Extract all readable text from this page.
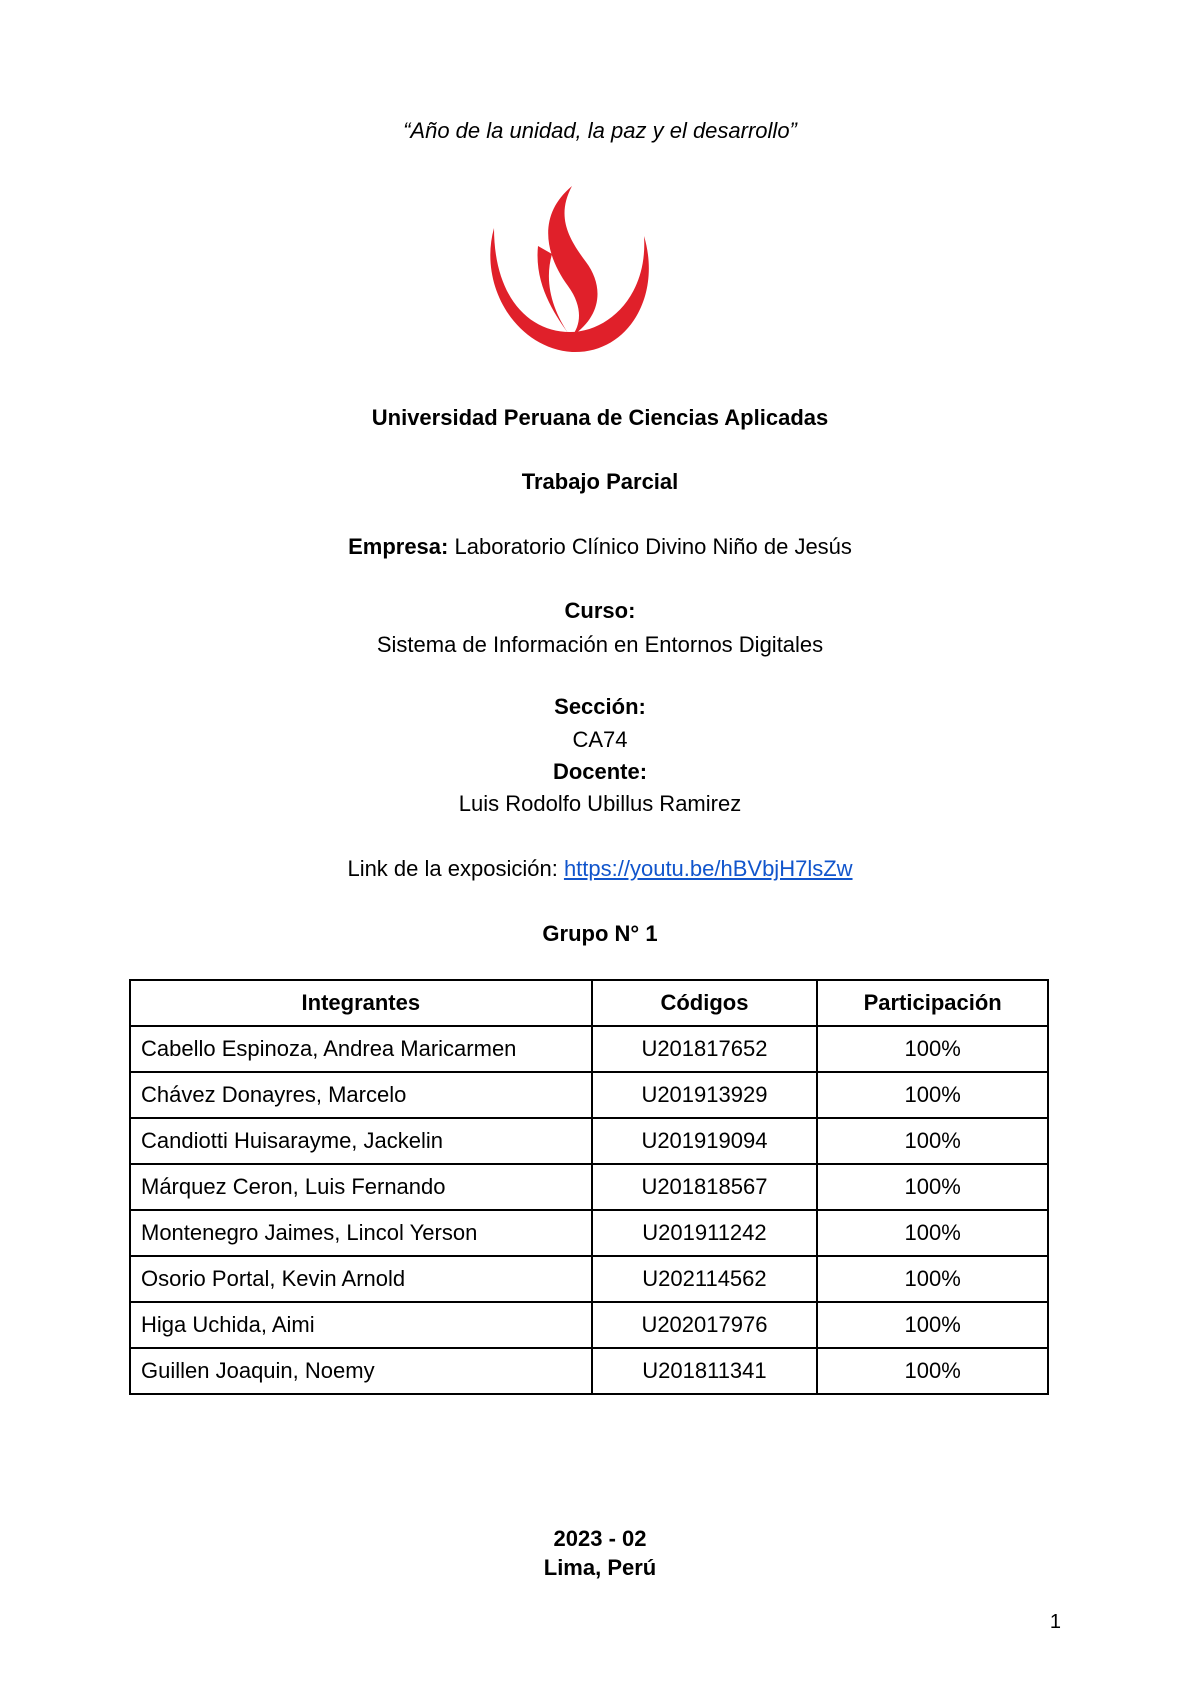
“Año de la unidad, la paz y el desarrollo”
Universidad Peruana de Ciencias Aplicadas
Trabajo Parcial
Empresa: Laboratorio Clínico Divino Niño de Jesús
Curso:
Sistema de Información en Entornos Digitales
Sección:
CA74
Docente:
Luis Rodolfo Ubillus Ramirez
Link de la exposición: https://youtu.be/hBVbjH7lsZw
Grupo N° 1
Integrantes	Códigos	Participación
Cabello Espinoza, Andrea Maricarmen	U201817652	100%
Chávez Donayres, Marcelo	U201913929	100%
Candiotti Huisarayme, Jackelin	U201919094	100%
Márquez Ceron, Luis Fernando	U201818567	100%
Montenegro Jaimes, Lincol Yerson	U201911242	100%
Osorio Portal, Kevin Arnold	U202114562	100%
Higa Uchida, Aimi	U202017976	100%
Guillen Joaquin, Noemy	U201811341	100%
2023 - 02
Lima, Perú
1
